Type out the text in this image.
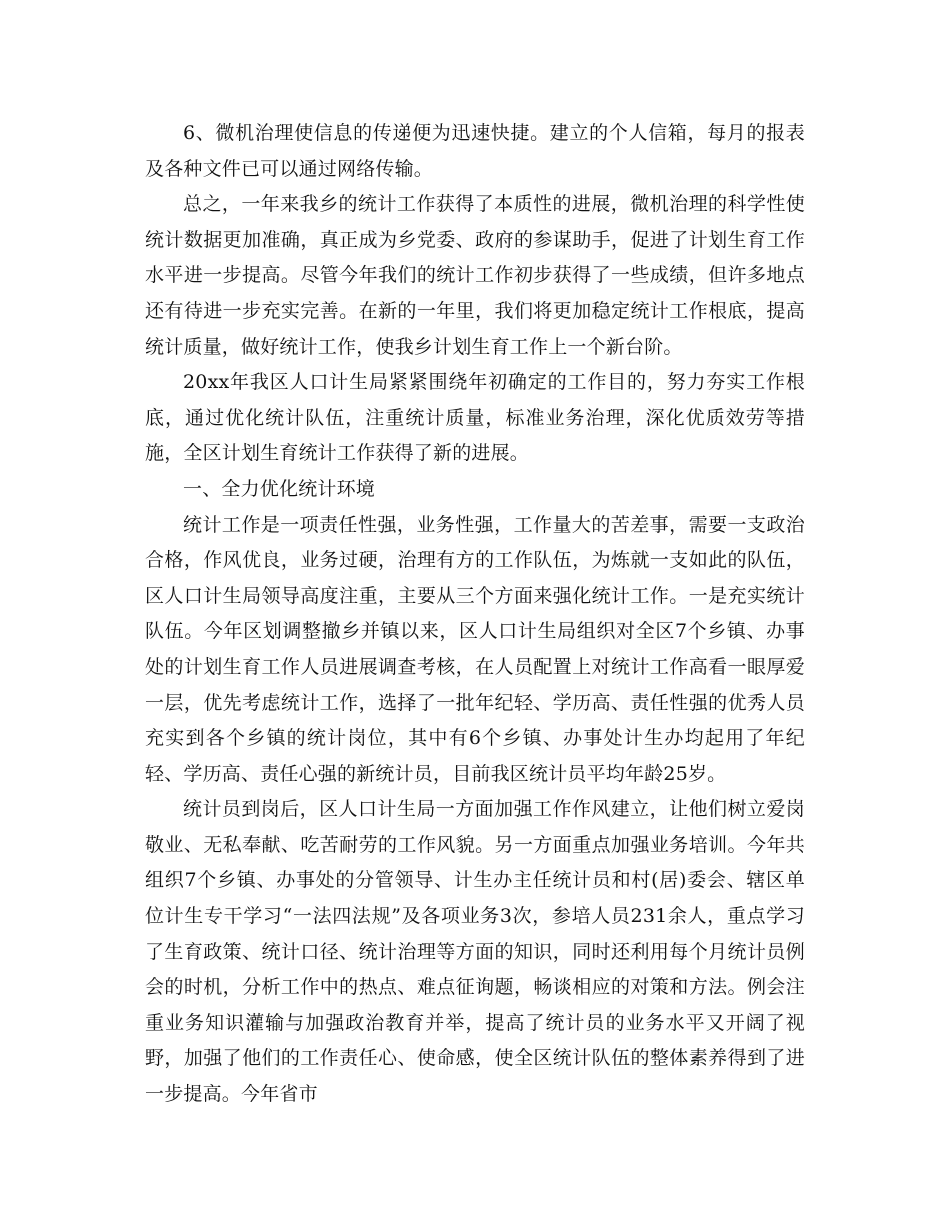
6、微机治理使信息的传递便为迅速快捷。建立的个人信箱，每月的报表及各种文件已可以通过网络传输。

总之，一年来我乡的统计工作获得了本质性的进展，微机治理的科学性使统计数据更加准确，真正成为乡党委、政府的参谋助手，促进了计划生育工作水平进一步提高。尽管今年我们的统计工作初步获得了一些成绩，但许多地点还有待进一步充实完善。在新的一年里，我们将更加稳定统计工作根底，提高统计质量，做好统计工作，使我乡计划生育工作上一个新台阶。

20xx年我区人口计生局紧紧围绕年初确定的工作目的，努力夯实工作根底，通过优化统计队伍，注重统计质量，标准业务治理，深化优质效劳等措施，全区计划生育统计工作获得了新的进展。

一、全力优化统计环境

统计工作是一项责任性强，业务性强，工作量大的苦差事，需要一支政治合格，作风优良，业务过硬，治理有方的工作队伍，为炼就一支如此的队伍，区人口计生局领导高度注重，主要从三个方面来强化统计工作。一是充实统计队伍。今年区划调整撤乡并镇以来，区人口计生局组织对全区7个乡镇、办事处的计划生育工作人员进展调查考核，在人员配置上对统计工作高看一眼厚爱一层，优先考虑统计工作，选择了一批年纪轻、学历高、责任性强的优秀人员充实到各个乡镇的统计岗位，其中有6个乡镇、办事处计生办均起用了年纪轻、学历高、责任心强的新统计员，目前我区统计员平均年龄25岁。

统计员到岗后，区人口计生局一方面加强工作作风建立，让他们树立爱岗敬业、无私奉献、吃苦耐劳的工作风貌。另一方面重点加强业务培训。今年共组织7个乡镇、办事处的分管领导、计生办主任统计员和村(居)委会、辖区单位计生专干学习“一法四法规”及各项业务3次，参培人员231余人，重点学习了生育政策、统计口径、统计治理等方面的知识，同时还利用每个月统计员例会的时机，分析工作中的热点、难点征询题，畅谈相应的对策和方法。例会注重业务知识灌输与加强政治教育并举，提高了统计员的业务水平又开阔了视野，加强了他们的工作责任心、使命感，使全区统计队伍的整体素养得到了进一步提高。今年省市
